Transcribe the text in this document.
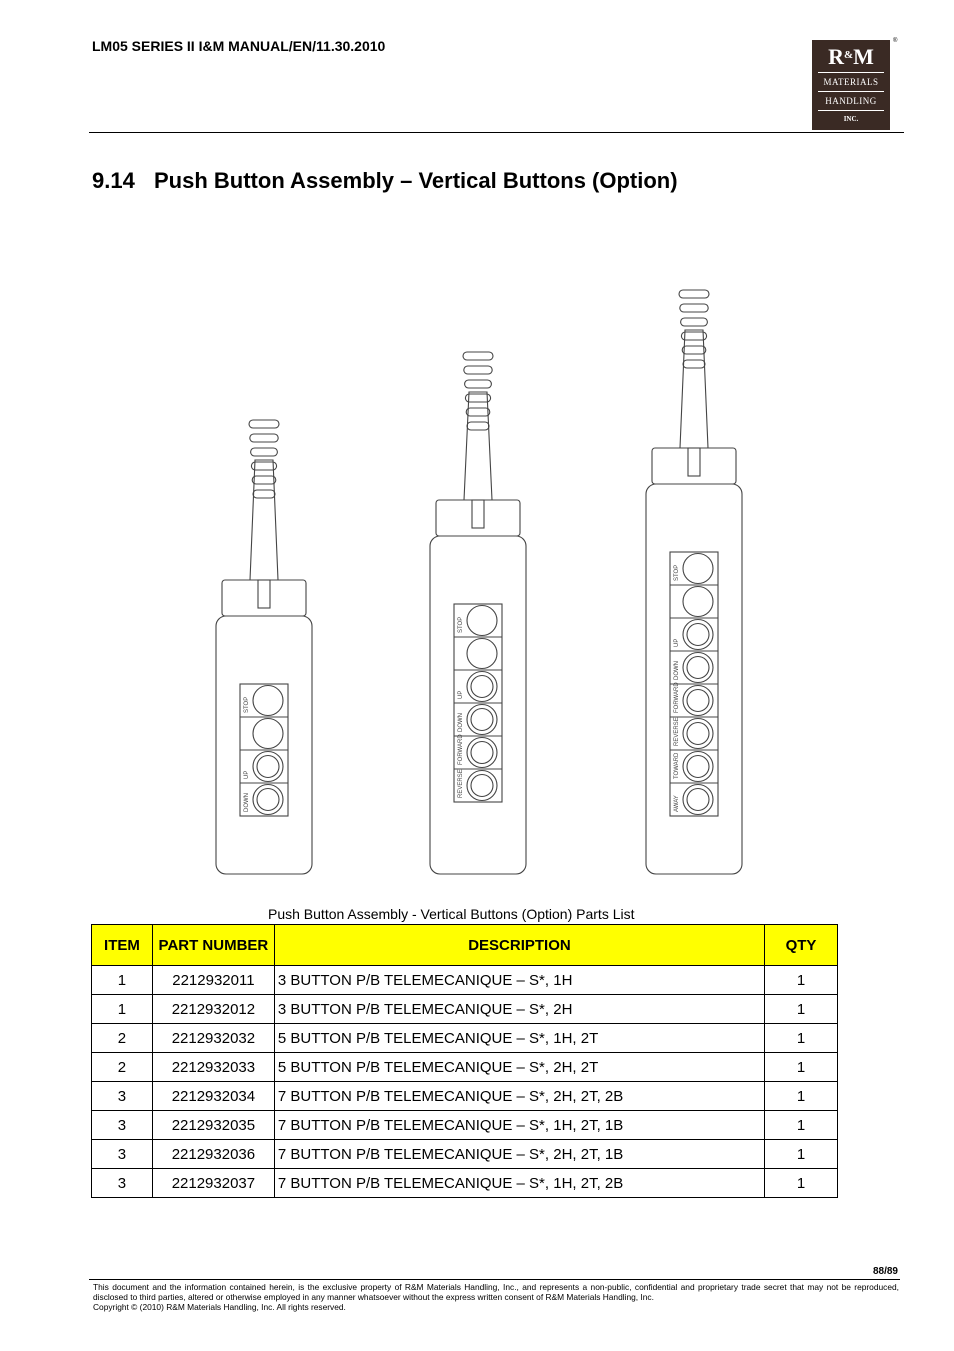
LM05 SERIES II I&M MANUAL/EN/11.30.2010	R&M
MATERIALS
HANDLING
INC.
®
9.14 Push Button Assembly – Vertical Buttons (Option)
STOP
UP
DOWN
STOP
UP
DOWN
FORWARD
REVERSE
STOP
UP
DOWN
FORWARD
REVERSE
TOWARD
AWAY
Push Button Assembly - Vertical Buttons (Option) Parts List
ITEM	PART NUMBER	DESCRIPTION	QTY
1	2212932011	3 BUTTON P/B TELEMECANIQUE – S*, 1H	1
1	2212932012	3 BUTTON P/B TELEMECANIQUE – S*, 2H	1
2	2212932032	5 BUTTON P/B TELEMECANIQUE – S*, 1H, 2T	1
2	2212932033	5 BUTTON P/B TELEMECANIQUE – S*, 2H, 2T	1
3	2212932034	7 BUTTON P/B TELEMECANIQUE – S*, 2H, 2T, 2B	1
3	2212932035	7 BUTTON P/B TELEMECANIQUE – S*, 1H, 2T, 1B	1
3	2212932036	7 BUTTON P/B TELEMECANIQUE – S*, 2H, 2T, 1B	1
3	2212932037	7 BUTTON P/B TELEMECANIQUE – S*, 1H, 2T, 2B	1
88/89
This document and the information contained herein, is the exclusive property of R&M Materials Handling, Inc., and represents a non-public, confidential and proprietary trade secret that may not be reproduced, disclosed to third parties, altered or otherwise employed in any manner whatsoever without the express written consent of R&M Materials Handling, Inc.
Copyright © (2010) R&M Materials Handling, Inc. All rights reserved.
